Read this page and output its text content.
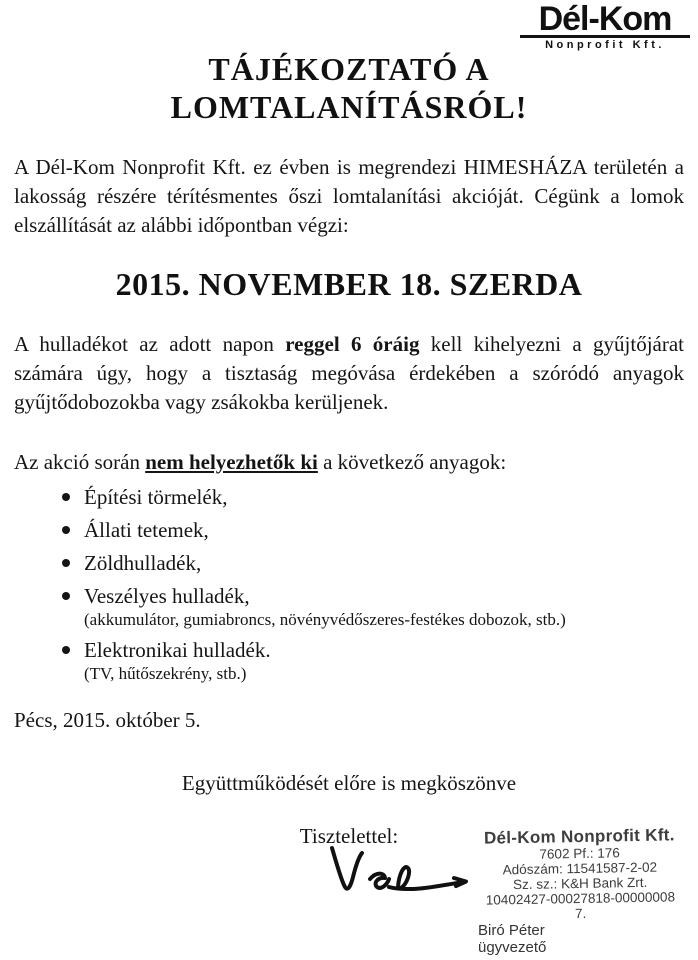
Dél-Kom
Nonprofit Kft.
TÁJÉKOZTATÓ A
LOMTALANÍTÁSRÓL!

A Dél-Kom Nonprofit Kft. ez évben is megrendezi HIMESHÁZA területén a lakosság részére térítésmentes őszi lomtalanítási akcióját. Cégünk a lomok elszállítását az alábbi időpontban végzi:

2015. NOVEMBER 18. SZERDA

A hulladékot az adott napon reggel 6 óráig kell kihelyezni a gyűjtőjárat számára úgy, hogy a tisztaság megóvása érdekében a szóródó anyagok gyűjtődobozokba vagy zsákokba kerüljenek.

Az akció során nem helyezhetők ki a következő anyagok:

Építési törmelék,
Állati tetemek,
Zöldhulladék,
Veszélyes hulladék,
(akkumulátor, gumiabroncs, növényvédőszeres-festékes dobozok, stb.)
Elektronikai hulladék.
(TV, hűtőszekrény, stb.)

Pécs, 2015. október 5.

Együttműködését előre is megköszönve

Tisztelettel:	Dél-Kom Nonprofit Kft.
7602 Pf.: 176
Adószám: 11541587-2-02
Sz. sz.: K&H Bank Zrt.
10402427-00027818-00000008
7.
Biró Péter
ügyvezető
